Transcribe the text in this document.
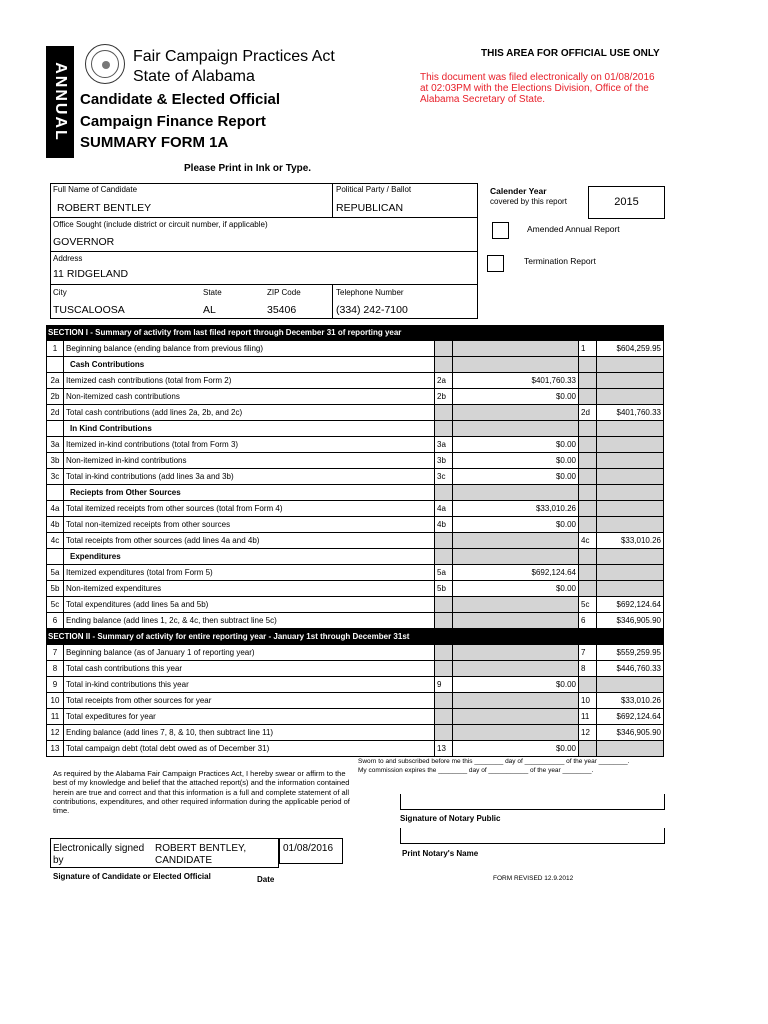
ANNUAL
Fair Campaign Practices Act
State of Alabama
Candidate & Elected Official
Campaign Finance Report
SUMMARY FORM 1A
THIS AREA FOR OFFICIAL USE ONLY
This document was filed electronically on 01/08/2016
at 02:03PM with the Elections Division, Office of the
Alabama Secretary of State.
Please Print in Ink or Type.
Full Name of Candidate
ROBERT BENTLEY
Political Party / Ballot
REPUBLICAN
Office Sought (include district or circuit number, if applicable)
GOVERNOR
Address
11 RIDGELAND
City
TUSCALOOSA
State
AL
ZIP Code
35406
Telephone Number
(334) 242-7100
Calender Year
covered by this report	2015
Amended Annual Report
Termination Report
SECTION I - Summary of activity from last filed report through December 31 of reporting year
1	Beginning balance (ending balance from previous filing)	1	$604,259.95
Cash Contributions
2a Itemized cash contributions (total from Form 2)	2a	$401,760.33
2b Non-itemized cash contributions	2b	$0.00
2d Total cash contributions (add lines 2a, 2b, and 2c)	2d	$401,760.33
In Kind Contributions
3a Itemized in-kind contributions (total from Form 3)	3a	$0.00
3b Non-itemized in-kind contributions	3b	$0.00
3c Total in-kind contributions (add lines 3a and 3b)	3c	$0.00
Reciepts from Other Sources
4a Total itemized receipts from other sources (total from Form 4)	4a	$33,010.26
4b Total non-itemized receipts from other sources	4b	$0.00
4c Total receipts from other sources (add lines 4a and 4b)	4c	$33,010.26
Expenditures
5a Itemized expenditures (total from Form 5)	5a	$692,124.64
5b Non-itemized expenditures	5b	$0.00
5c Total expenditures (add lines 5a and 5b)	5c	$692,124.64
6	Ending balance (add lines 1, 2c, & 4c, then subtract line 5c)	6	$346,905.90
SECTION II - Summary of activity for entire reporting year - January 1st through December 31st
7	Beginning balance (as of January 1 of reporting year)	7	$559,259.95
8	Total cash contributions this year	8	$446,760.33
9	Total in-kind contributions this year	9	$0.00
10 Total receipts from other sources for year	10	$33,010.26
11 Total expeditures for year	11	$692,124.64
12 Ending balance (add lines 7, 8, & 10, then subtract line 11)	12	$346,905.90
13 Total campaign debt (total debt owed as of December 31)	13	$0.00
As required by the Alabama Fair Campaign Practices Act, I hereby swear or affirm to the best of my knowledge and belief that the attached report(s) and the information contained herein are true and correct and that this information is a full and complete statement of all contributions, expenditures, and other required information during the applicable period of time.
Electronically signed by
ROBERT BENTLEY, CANDIDATE
01/08/2016
Signature of Candidate or Elected Official	Date
Sworn to and subscribed before me this ________ day of ___________ of the year ________.
My commission expires the ________ day of ___________ of the year ________.
Signature of Notary Public
Print Notary's Name
FORM REVISED 12.9.2012
